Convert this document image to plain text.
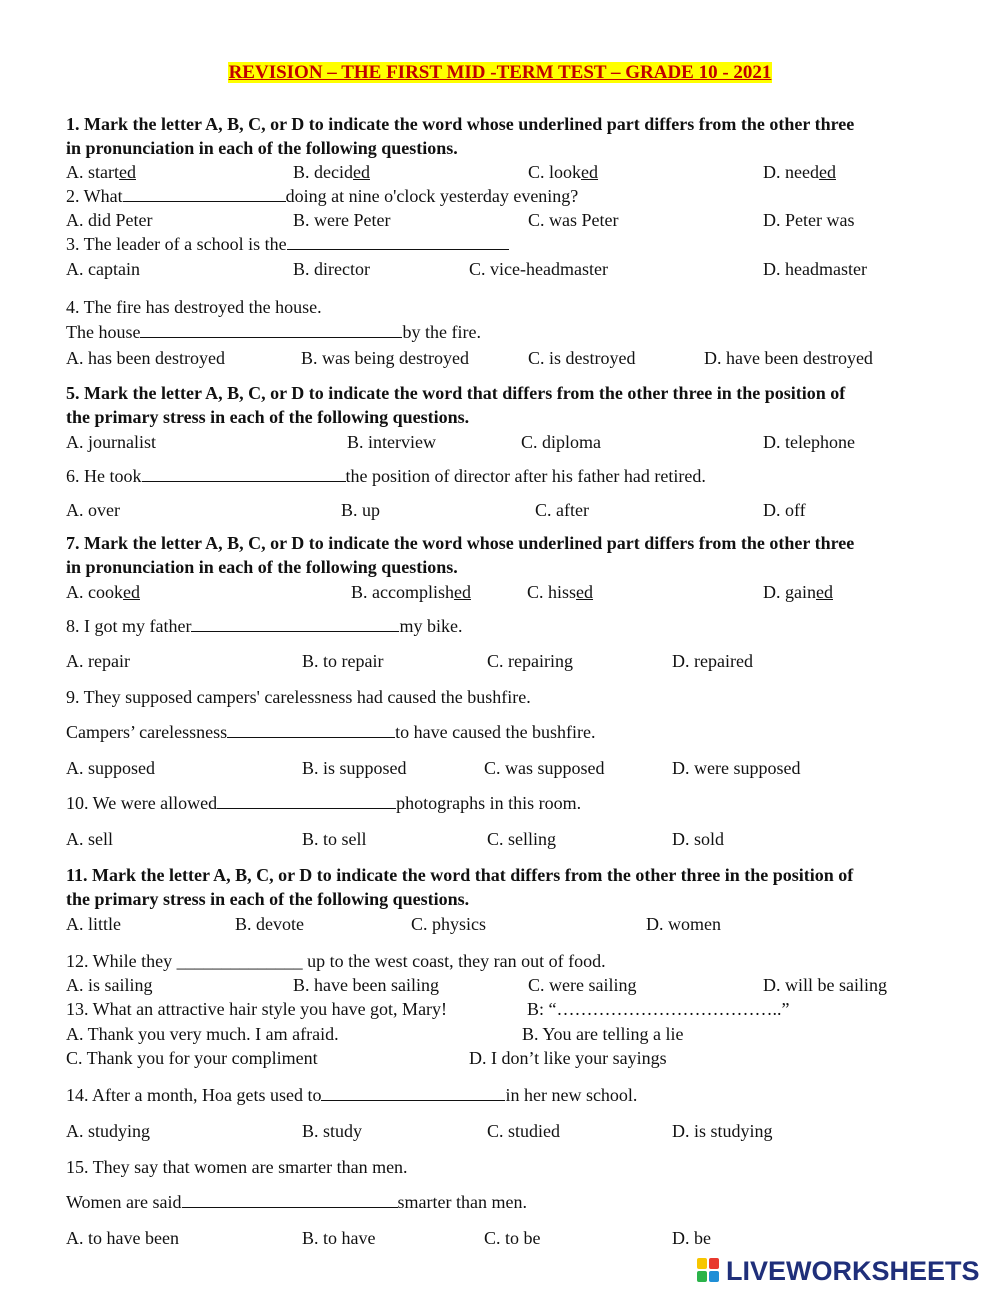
REVISION – THE FIRST MID -TERM TEST – GRADE 10 - 2021
1. Mark the letter A, B, C, or D to indicate the word whose underlined part differs from the other three
in pronunciation in each of the following questions.
A. started	B. decided	C. looked	D. needed
2. What	doing at nine o'clock yesterday evening?
A. did Peter	B. were Peter	C. was Peter	D. Peter was
3. The leader of a school is the
A. captain	B. director	C. vice-headmaster	D. headmaster
4. The fire has destroyed the house.
The house	by the fire.
A. has been destroyed	B. was being destroyed	C. is destroyed	D. have been destroyed
5. Mark the letter A, B, C, or D to indicate the word that differs from the other three in the position of
the primary stress in each of the following questions.
A. journalist	B. interview	C. diploma	D. telephone
6. He took	the position of director after his father had retired.
A. over	B. up	C. after	D. off
7. Mark the letter A, B, C, or D to indicate the word whose underlined part differs from the other three
in pronunciation in each of the following questions.
A. cooked	B. accomplished	C. hissed	D. gained
8. I got my father	my bike.
A. repair	B. to repair	C. repairing	D. repaired
9. They supposed campers' carelessness had caused the bushfire.
Campers’ carelessness	to have caused the bushfire.
A. supposed	B. is supposed	C. was supposed	D. were supposed
10. We were allowed	photographs in this room.
A. sell	B. to sell	C. selling	D. sold
11. Mark the letter A, B, C, or D to indicate the word that differs from the other three in the position of
the primary stress in each of the following questions.
A. little	B. devote	C. physics	D. women
12. While they ______________ up to the west coast, they ran out of food.
A. is sailing	B. have been sailing	C. were sailing	D. will be sailing
13. What an attractive hair style you have got, Mary!	B: “………………………………..”
A. Thank you very much. I am afraid.	B. You are telling a lie
C. Thank you for your compliment	D. I don’t like your sayings
14. After a month, Hoa gets used to	in her new school.
A. studying	B. study	C. studied	D. is studying
15. They say that women are smarter than men.
Women are said	smarter than men.
A. to have been	B. to have	C. to be	D. be
LIVEWORKSHEETS
